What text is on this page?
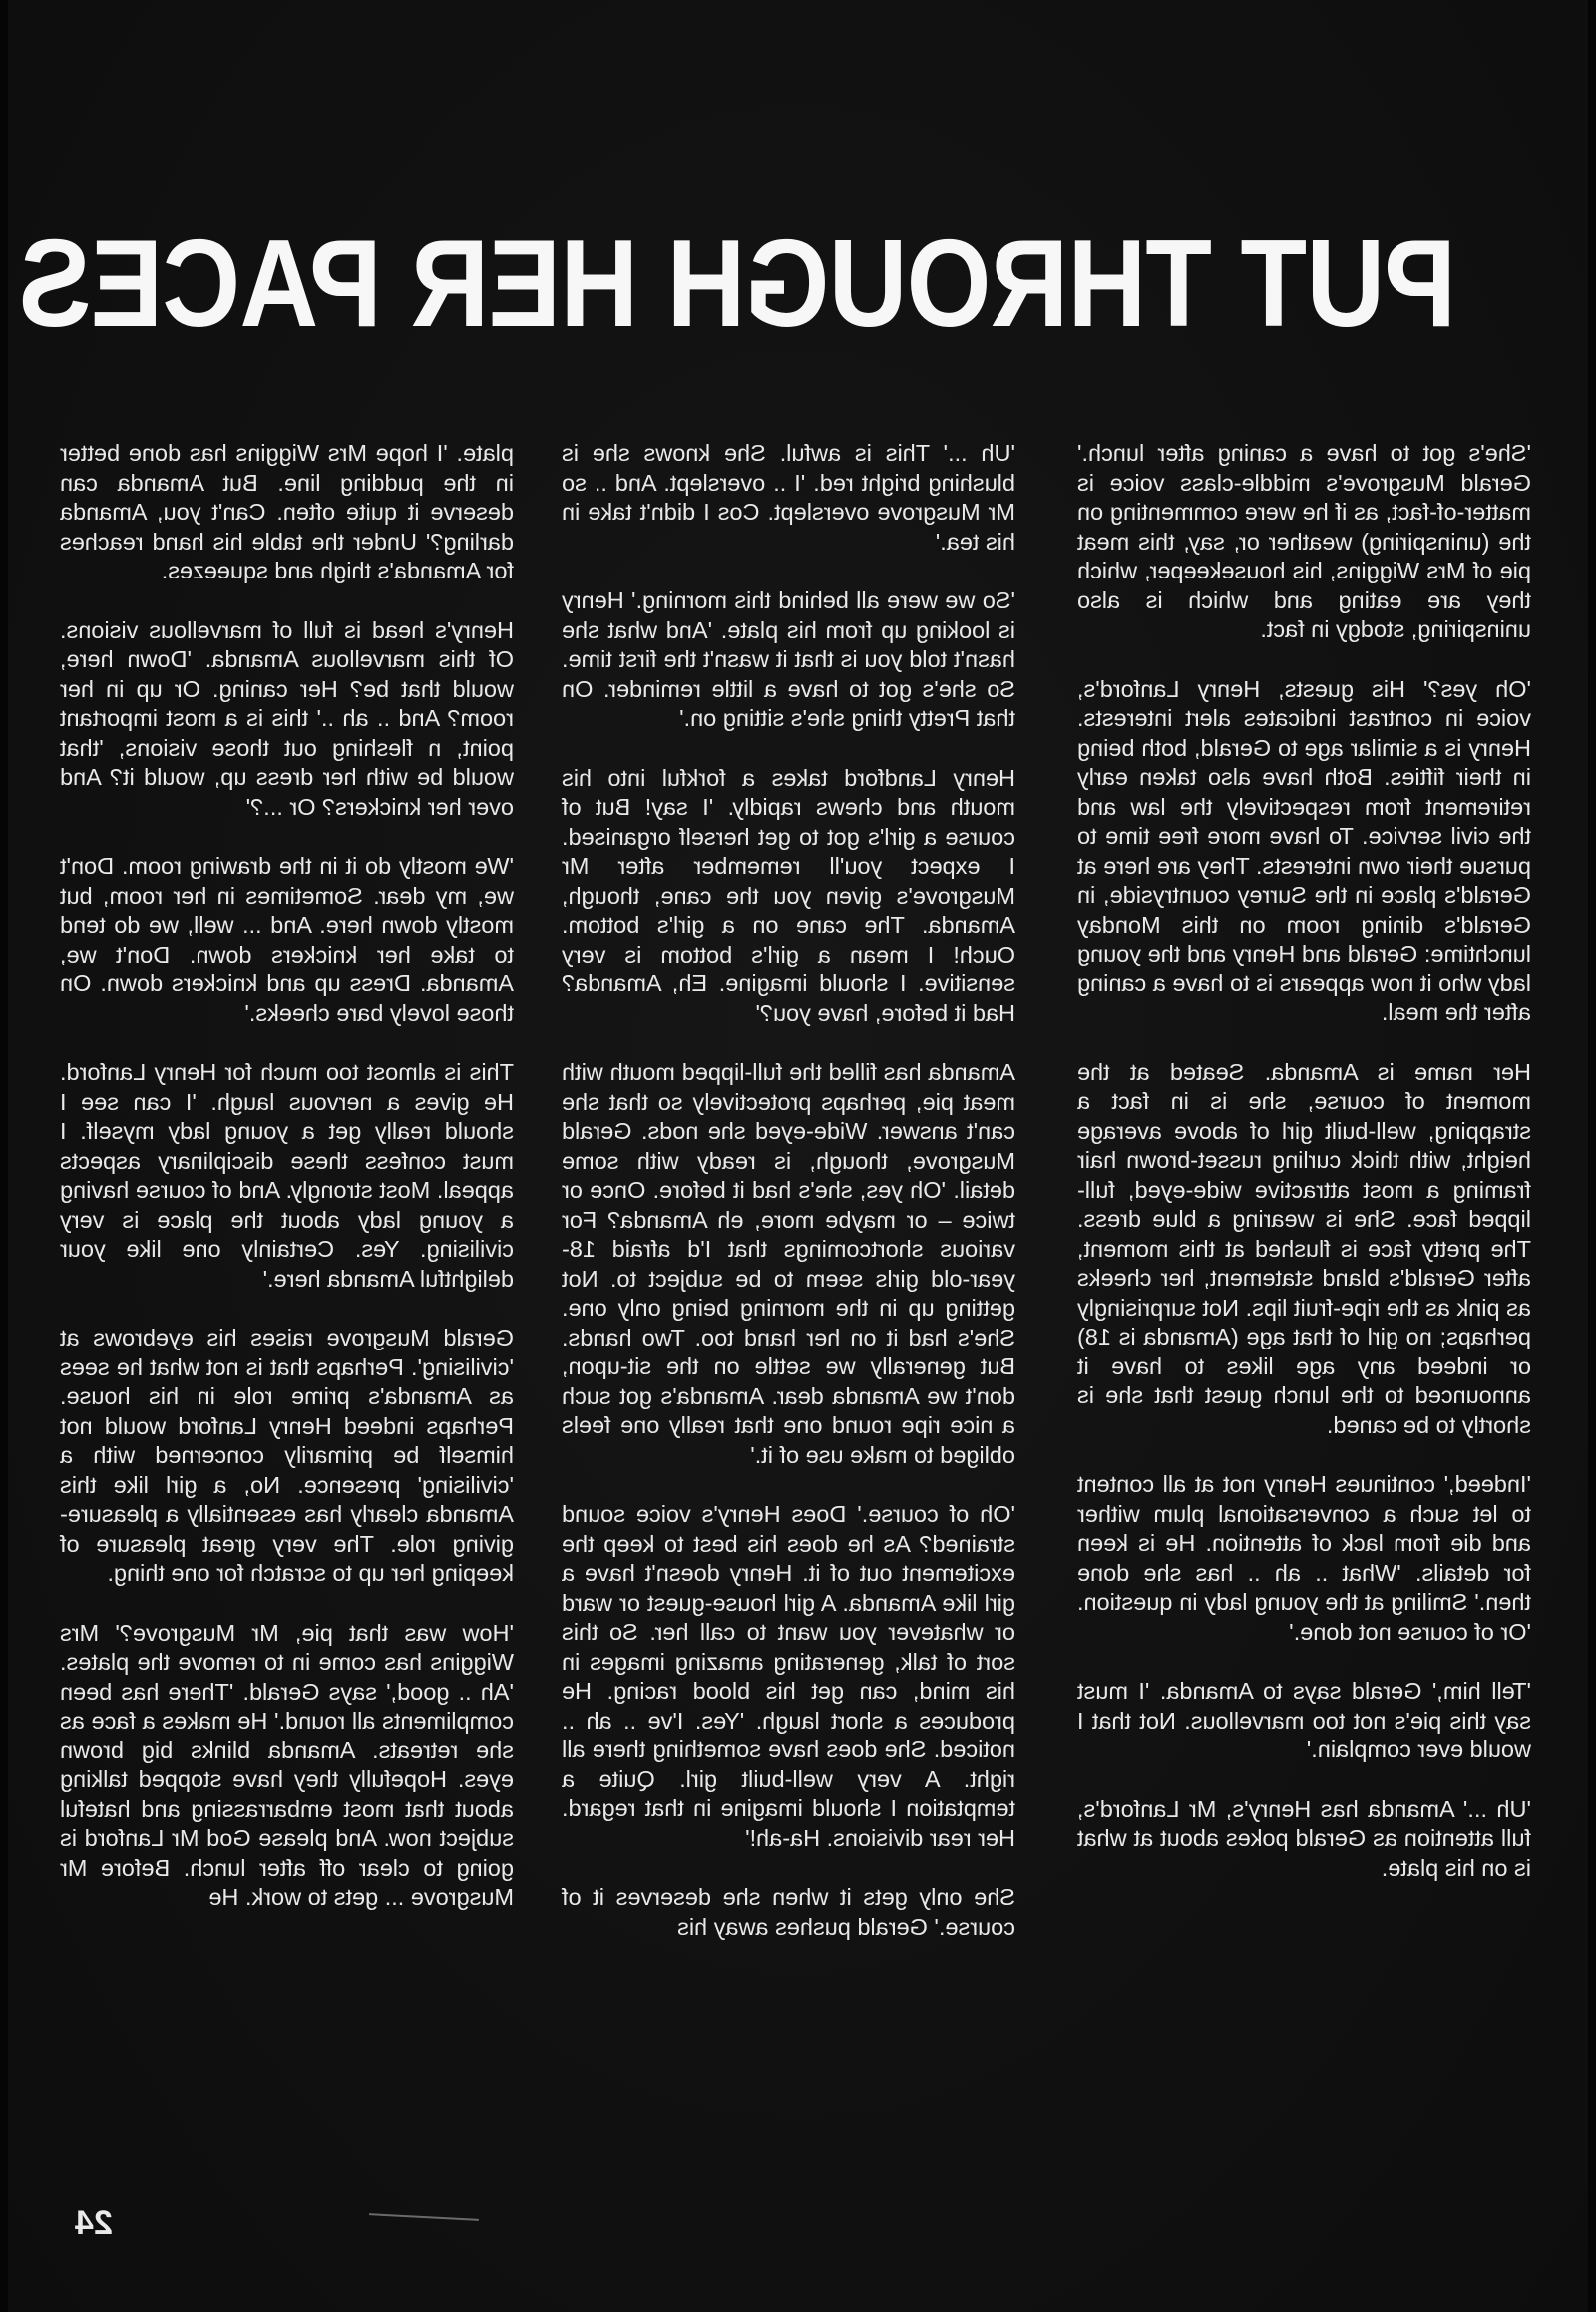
PUT THROUGH HER PACES

'She's got to have a caning after lunch.' Gerald Musgrove's middle-class voice is matter-of-fact, as if he were commenting on the (uninspiring) weather or, say, this meat pie of Mrs Wiggins, his housekeeper, which they are eating and which is also uninspiring, stodgy in fact.

'Oh yes?' His guests, Henry Lanford's, voice in contrast indicates alert interests. Henry is a similar age to Gerald, both being in their fifties. Both have also taken early retirement from respectively the law and the civil service. To have more free time to pursue their own interests. They are here at Gerald's place in the Surrey countryside, in Gerald's dining room on this Monday lunchtime: Gerald and Henry and the young lady who it now appears is to have a caning after the meal.

Her name is Amanda. Seated at the moment of course, she is in fact a strapping, well-built girl of above average height, with thick curling russet-brown hair framing a most attractive wide-eyed, full-lipped face. She is wearing a blue dress. The pretty face is flushed at this moment, after Gerald's bland statement, her cheeks as pink as the ripe-fruit lips. Not surprisingly perhaps; no girl of that age (Amanda is 18) or indeed any age likes to have it announced to the lunch guest that she is shortly to be caned.

'Indeed,' continues Henry not at all content to let such a conversational plum wither and die from lack of attention. He is keen for details. 'What .. ah .. has she done then.' Smiling at the young lady in question. 'Or of course not done.'

'Tell him,' Gerald says to Amanda. 'I must say this pie's not too marvellous. Not that I would ever complain.'

'Uh ...' Amanda has Henry's, Mr Lanford's, full attention as Gerald pokes about at what is on his plate.

'Uh ...' This is awful. She knows she is blushing bright red. 'I .. overslept. And .. so Mr Musgrove overslept. Cos I didn't take in his tea.'

'So we were all behind this morning.' Henry is looking up from his plate. 'And what she hasn't told you is that it wasn't the first time. So she's got to have a little reminder. On that Pretty thing she's sitting on.'

Henry Landford takes a forkful into his mouth and chews rapidly. 'I say! But of course a girl's got to get herself organised. I expect you'll remember after Mr Musgrove's given you the cane, though, Amanda. The cane on a girl's bottom. Ouch! I mean a girl's bottom is very sensitive. I should imagine. Eh, Amanda? Had it before, have you?'

Amanda has filled the full-lipped mouth with meat pie, perhaps protectively so that she can't answer. Wide-eyed she nods. Gerald Musgrove, though, is ready with some detail. 'Oh yes, she's had it before. Once or twice – or maybe more, eh Amanda? For various shortcomings that I'd afraid 18-year-old girls seem to be subject to. Not getting up in the morning being only one. She's had it on her hand too. Two hands. But generally we settle on the sit-upon, don't we Amanda dear. Amanda's got such a nice ripe round one that really one feels obliged to make use of it.'

'Oh of course.' Does Henry's voice sound strained? As he does his best to keep the excitement out of it. Henry doesn't have a girl like Amanda. A girl house-guest or ward or whatever you want to call her. So this sort of talk, generating amazing images in his mind, can get his blood racing. He produces a short laugh. 'Yes. I've .. ah .. noticed. She does have something there all right. A very well-built girl. Quite a temptation I should imagine in that regard. Her rear divisions. Ha-ah!'

She only gets it when she deserves it of course.' Gerald pushes away his

plate. 'I hope Mrs Wiggins has done better in the pudding line. But Amanda can deserve it quite often. Can't you, Amanda darling?' Under the table his hand reaches for Amanda's thigh and squeezes.

Henry's head is full of marvellous visions. Of this marvellous Amanda. 'Down here, would that be? Her caning. Or up in her room? And .. ah ..' this is a most important point, n fleshing out those visions, 'that would be with her dress up, would it? And over her knickers? Or ...?'

'We mostly do it in the drawing room. Don't we, my dear. Sometimes in her room, but mostly down here. And ... well, we do tend to take her knickers down. Don't we, Amanda. Dress up and knickers down. On those lovely bare cheeks.'

This is almost too much for Henry Lanford. He gives a nervous laugh. 'I can see I should really get a young lady myself. I must confess these disciplinary aspects appeal. Most strongly. And of course having a young lady about the place is very civilising. Yes. Certainly one like your delightful Amanda here.'

Gerald Musgrove raises his eyebrows at 'civilising'. Perhaps that is not what he sees as Amanda's prime role in his house. Perhaps indeed Henry Lanford would not himself be primarily concerned with a 'civilising' presence. No, a girl like this Amanda clearly has essentially a pleasure-giving role. The very great pleasure of keeping her up to scratch for one thing.

'How was that pie, Mr Musgrove?' Mrs Wiggins has come in to remove the plates. 'Ah .. good,' says Gerald. 'There has been compliments all round.' He makes a face as she retreats. Amanda blinks big brown eyes. Hopefully they have stopped talking about that most embarrassing and hateful subject now. And please God Mr Lanford is going to clear off after lunch. Before Mr Musgrove ... gets to work. He

24
